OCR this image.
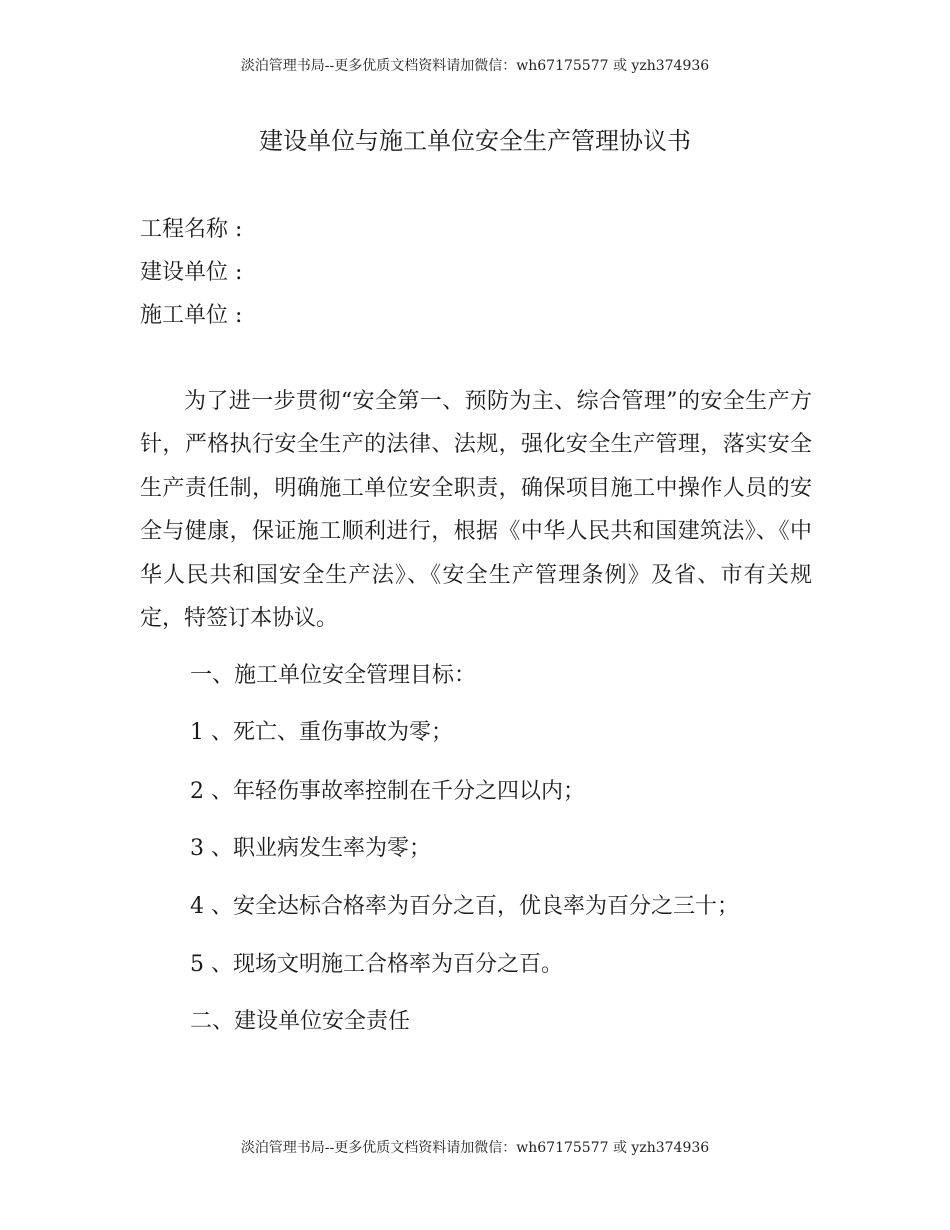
淡泊管理书局--更多优质文档资料请加微信：wh67175577 或 yzh374936
建设单位与施工单位安全生产管理协议书
工程名称 :
建设单位 :
施工单位 :

为了进一步贯彻“安全第一、预防为主、综合管理”的安全生产方针，严格执行安全生产的法律、法规，强化安全生产管理，落实安全生产责任制，明确施工单位安全职责，确保项目施工中操作人员的安全与健康，保证施工顺利进行，根据《中华人民共和国建筑法》、《中华人民共和国安全生产法》、《安全生产管理条例》及省、市有关规定，特签订本协议。

一、施工单位安全管理目标：
1 、死亡、重伤事故为零；
2 、年轻伤事故率控制在千分之四以内；
3 、职业病发生率为零；
4 、安全达标合格率为百分之百，优良率为百分之三十；
5 、现场文明施工合格率为百分之百。
二、建设单位安全责任
淡泊管理书局--更多优质文档资料请加微信：wh67175577 或 yzh374936
